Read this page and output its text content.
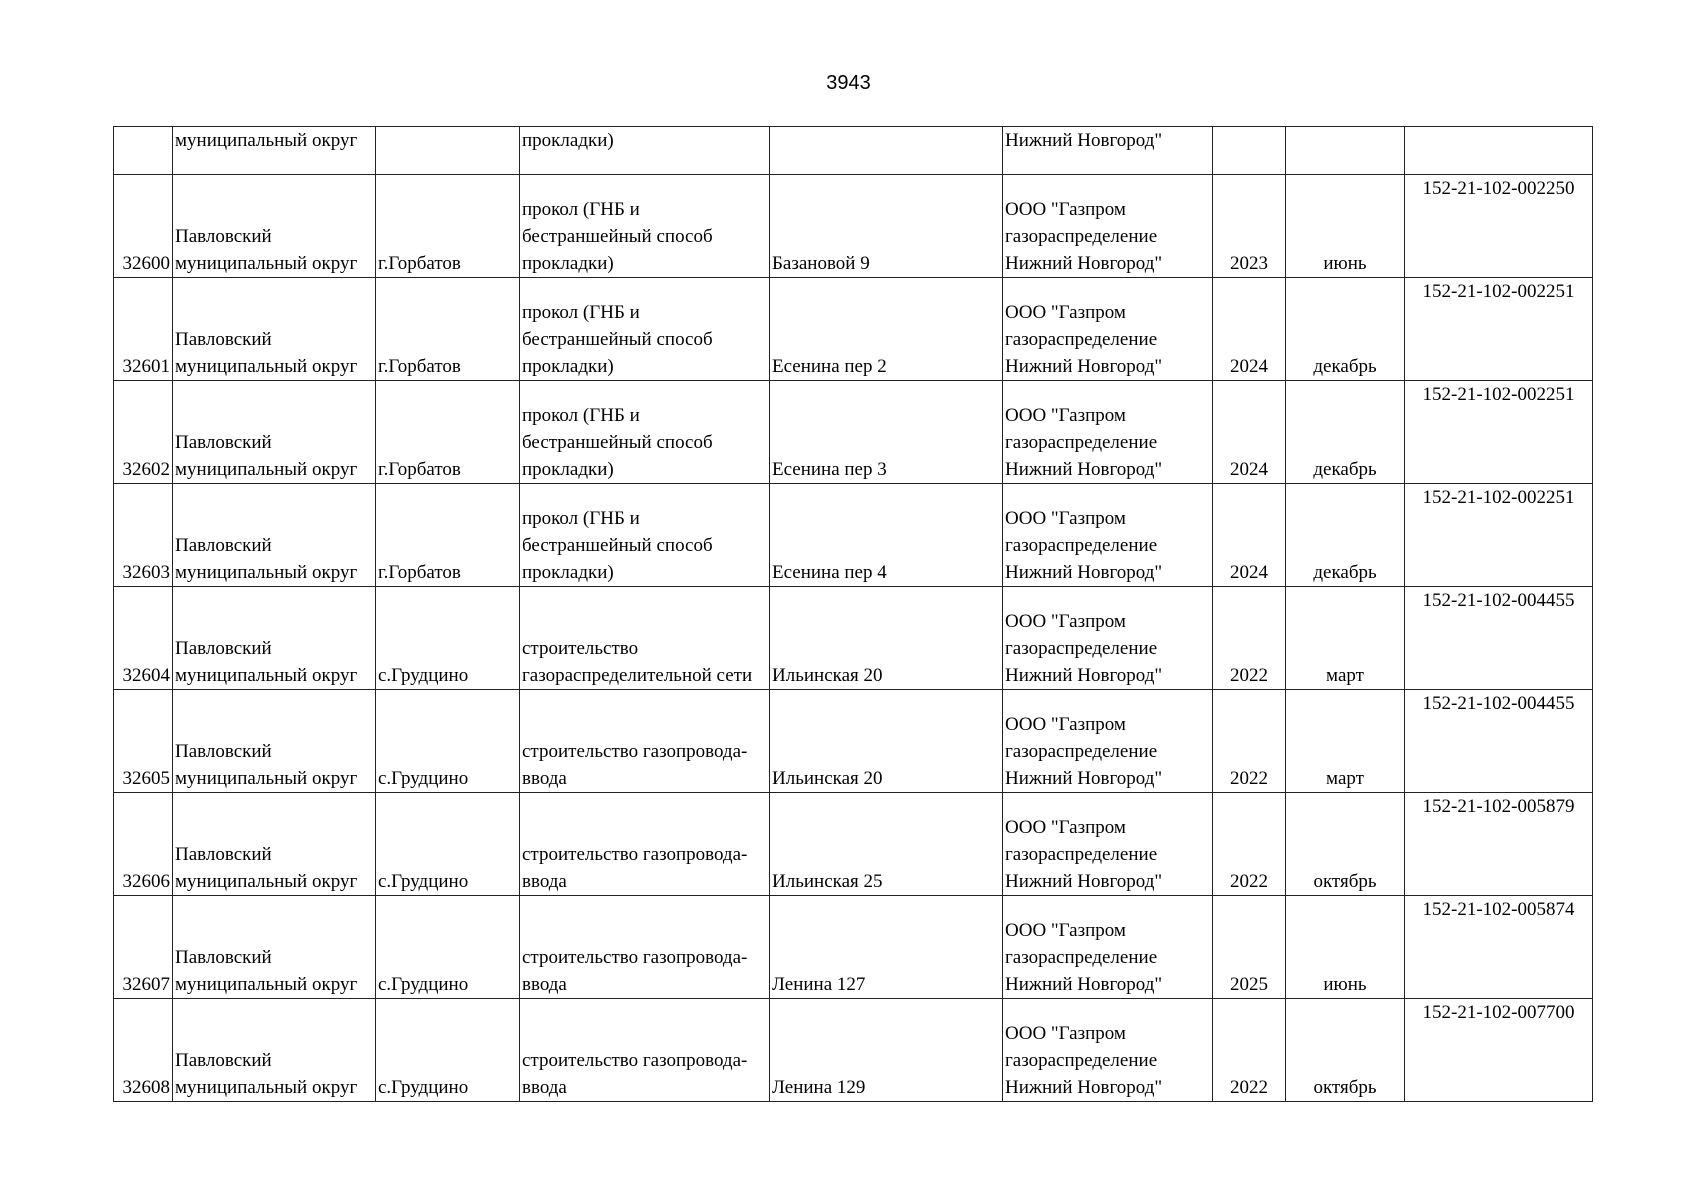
3943
	муниципальный округ		прокладки)		Нижний Новгород"			
32600	Павловский
муниципальный округ	г.Горбатов	прокол (ГНБ и
бестраншейный способ
прокладки)	Базановой 9	ООО "Газпром
газораспределение
Нижний Новгород"	2023	июнь	152-21-102-002250
32601	Павловский
муниципальный округ	г.Горбатов	прокол (ГНБ и
бестраншейный способ
прокладки)	Есенина пер 2	ООО "Газпром
газораспределение
Нижний Новгород"	2024	декабрь	152-21-102-002251
32602	Павловский
муниципальный округ	г.Горбатов	прокол (ГНБ и
бестраншейный способ
прокладки)	Есенина пер 3	ООО "Газпром
газораспределение
Нижний Новгород"	2024	декабрь	152-21-102-002251
32603	Павловский
муниципальный округ	г.Горбатов	прокол (ГНБ и
бестраншейный способ
прокладки)	Есенина пер 4	ООО "Газпром
газораспределение
Нижний Новгород"	2024	декабрь	152-21-102-002251
32604	Павловский
муниципальный округ	с.Грудцино	строительство
газораспределительной сети	Ильинская 20	ООО "Газпром
газораспределение
Нижний Новгород"	2022	март	152-21-102-004455
32605	Павловский
муниципальный округ	с.Грудцино	строительство газопровода-
ввода	Ильинская 20	ООО "Газпром
газораспределение
Нижний Новгород"	2022	март	152-21-102-004455
32606	Павловский
муниципальный округ	с.Грудцино	строительство газопровода-
ввода	Ильинская 25	ООО "Газпром
газораспределение
Нижний Новгород"	2022	октябрь	152-21-102-005879
32607	Павловский
муниципальный округ	с.Грудцино	строительство газопровода-
ввода	Ленина 127	ООО "Газпром
газораспределение
Нижний Новгород"	2025	июнь	152-21-102-005874
32608	Павловский
муниципальный округ	с.Грудцино	строительство газопровода-
ввода	Ленина 129	ООО "Газпром
газораспределение
Нижний Новгород"	2022	октябрь	152-21-102-007700
